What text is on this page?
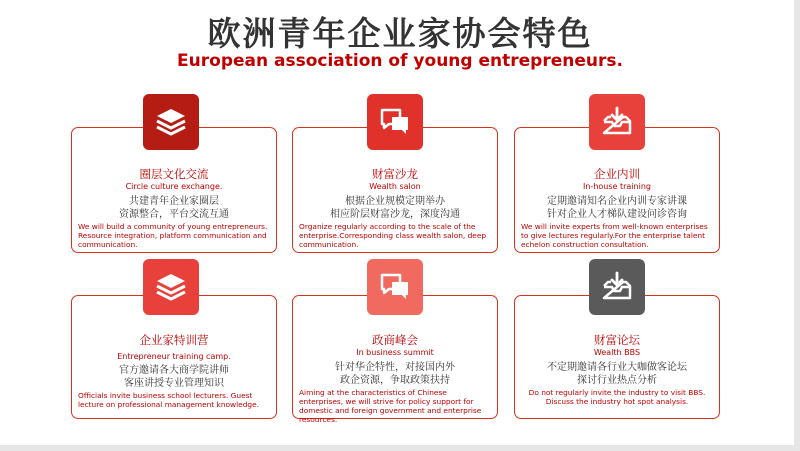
欧洲青年企业家协会特色
European association of young entrepreneurs.
圈层文化交流
Circle culture exchange.
共建青年企业家圈层
资源整合，平台交流互通
We will build a community of young entrepreneurs. Resource integration, platform communication and communication.
财富沙龙
Wealth salon
根据企业规模定期举办
相应阶层财富沙龙，深度沟通
Organize regularly according to the scale of the enterprise.Corresponding class wealth salon, deep communication.
企业内训
In-house training
定期邀请知名企业内训专家讲课
针对企业人才梯队建设问诊咨询
We will invite experts from well-known enterprises to give lectures regularly.For the enterprise talent echelon construction consultation.
企业家特训营
Entrepreneur training camp.
官方邀请各大商学院讲师
客座讲授专业管理知识
Officials invite business school lecturers. Guest lecture on professional management knowledge.
政商峰会
In business summit
针对华企特性，对接国内外
政企资源，争取政策扶持
Aiming at the characteristics of Chinese enterprises, we will strive for policy support for domestic and foreign government and enterprise resources.
财富论坛
Wealth BBS
不定期邀请各行业大咖做客论坛
探讨行业热点分析
Do not regularly invite the industry to visit BBS. Discuss the industry hot spot analysis.
